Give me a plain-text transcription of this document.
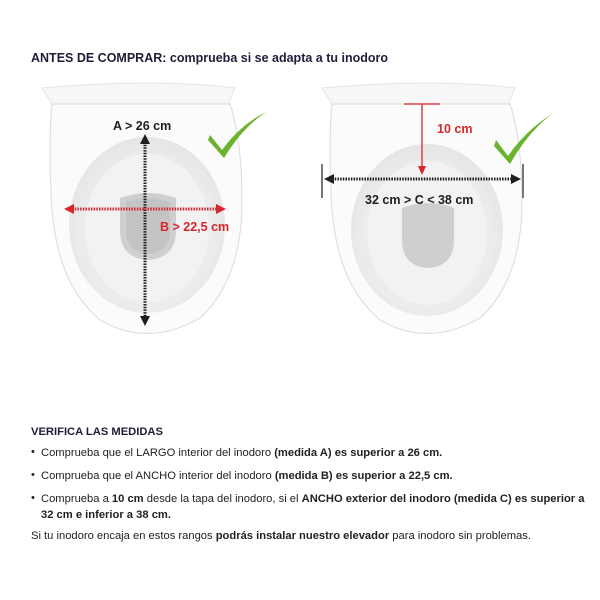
ANTES DE COMPRAR: comprueba si se adapta a tu inodoro
A > 26 cm
B > 22,5 cm
10 cm
32 cm > C < 38 cm
VERIFICA LAS MEDIDAS
• Comprueba que el LARGO interior del inodoro (medida A) es superior a 26 cm.
• Comprueba que el ANCHO interior del inodoro (medida B) es superior a 22,5 cm.
• Comprueba a 10 cm desde la tapa del inodoro, si el ANCHO exterior del inodoro (medida C) es superior a 32 cm e inferior a 38 cm.
Si tu inodoro encaja en estos rangos podrás instalar nuestro elevador para inodoro sin problemas.
